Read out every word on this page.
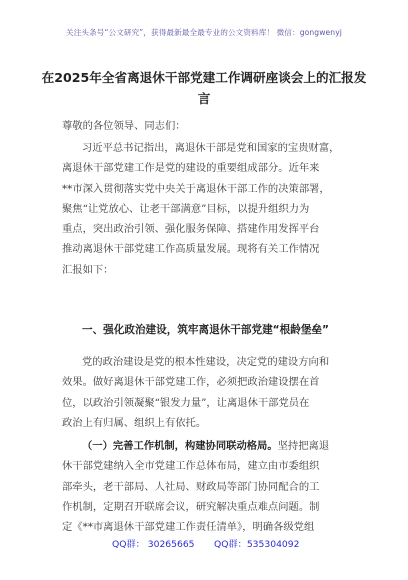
关注头条号“公文研究”，获得最新最全最专业的公文资料库！ 微信：gongwenyj
在2025年全省离退休干部党建工作调研座谈会上的汇报发
言
尊敬的各位领导、同志们：
习近平总书记指出，离退休干部是党和国家的宝贵财富，
离退休干部党建工作是党的建设的重要组成部分。近年来
**市深入贯彻落实党中央关于离退休干部工作的决策部署，
聚焦“让党放心、让老干部满意”目标，以提升组织力为
重点，突出政治引领、强化服务保障、搭建作用发挥平台
推动离退休干部党建工作高质量发展。现将有关工作情况
汇报如下：
一、强化政治建设，筑牢离退休干部党建“根龄堡垒”
党的政治建设是党的根本性建设，决定党的建设方向和
效果。做好离退休干部党建工作，必须把政治建设摆在首
位，以政治引领凝聚“银发力量”，让离退休干部党员在
政治上有归属、组织上有依托。
（一）完善工作机制，构建协同联动格局。坚持把离退
休干部党建纳入全市党建工作总体布局，建立由市委组织
部牵头，老干部局、人社局、财政局等部门协同配合的工
作机制，定期召开联席会议，研究解决重点难点问题。制
定《**市离退休干部党建工作责任清单》，明确各级党组
QQ群： 30265665 QQ群：535304092
